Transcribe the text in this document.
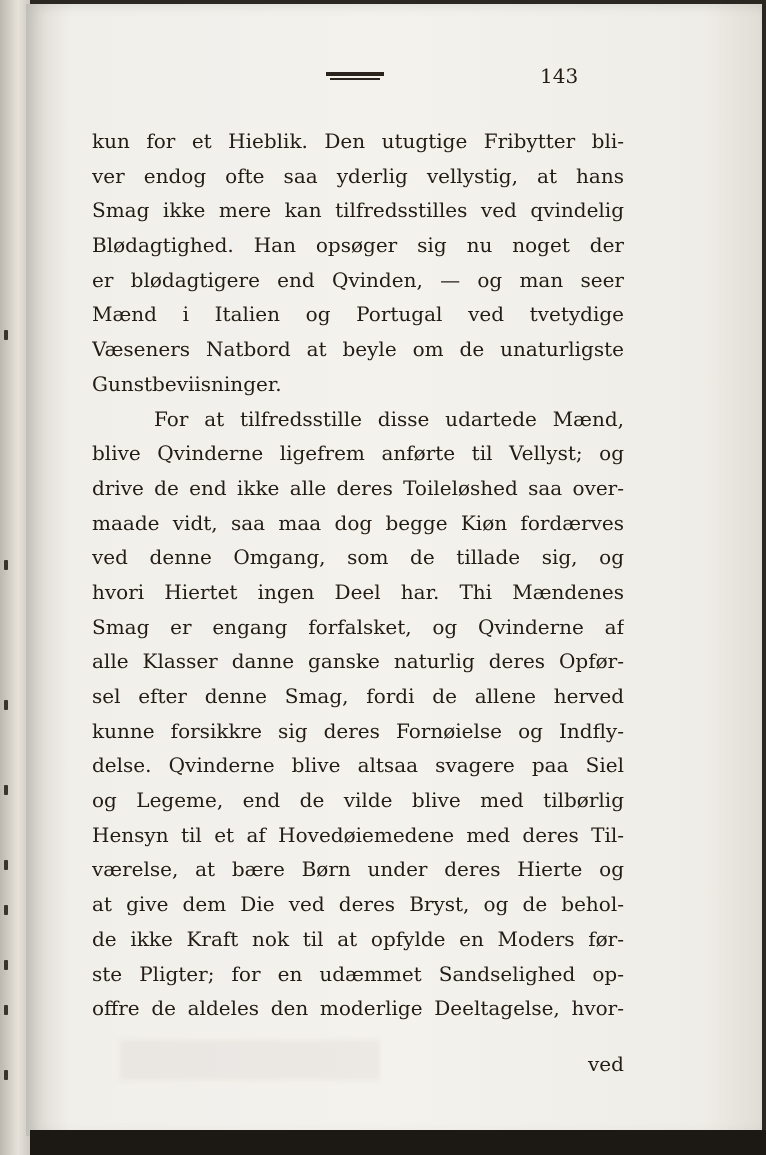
143
kun for et Hieblik. Den utugtige Fribytter bli-
ver endog ofte saa yderlig vellystig, at hans
Smag ikke mere kan tilfredsstilles ved qvindelig
Blødagtighed. Han opsøger sig nu noget der
er blødagtigere end Qvinden, — og man seer
Mænd i Italien og Portugal ved tvetydige
Væseners Natbord at beyle om de unaturligste
Gunstbeviisninger.
For at tilfredsstille disse udartede Mænd,
blive Qvinderne ligefrem anførte til Vellyst; og
drive de end ikke alle deres Toileløshed saa over-
maade vidt, saa maa dog begge Kiøn fordærves
ved denne Omgang, som de tillade sig, og
hvori Hiertet ingen Deel har. Thi Mændenes
Smag er engang forfalsket, og Qvinderne af
alle Klasser danne ganske naturlig deres Opfør-
sel efter denne Smag, fordi de allene herved
kunne forsikkre sig deres Fornøielse og Indfly-
delse. Qvinderne blive altsaa svagere paa Siel
og Legeme, end de vilde blive med tilbørlig
Hensyn til et af Hovedøiemedene med deres Til-
værelse, at bære Børn under deres Hierte og
at give dem Die ved deres Bryst, og de behol-
de ikke Kraft nok til at opfylde en Moders før-
ste Pligter; for en udæmmet Sandselighed op-
offre de aldeles den moderlige Deeltagelse, hvor-
ved
